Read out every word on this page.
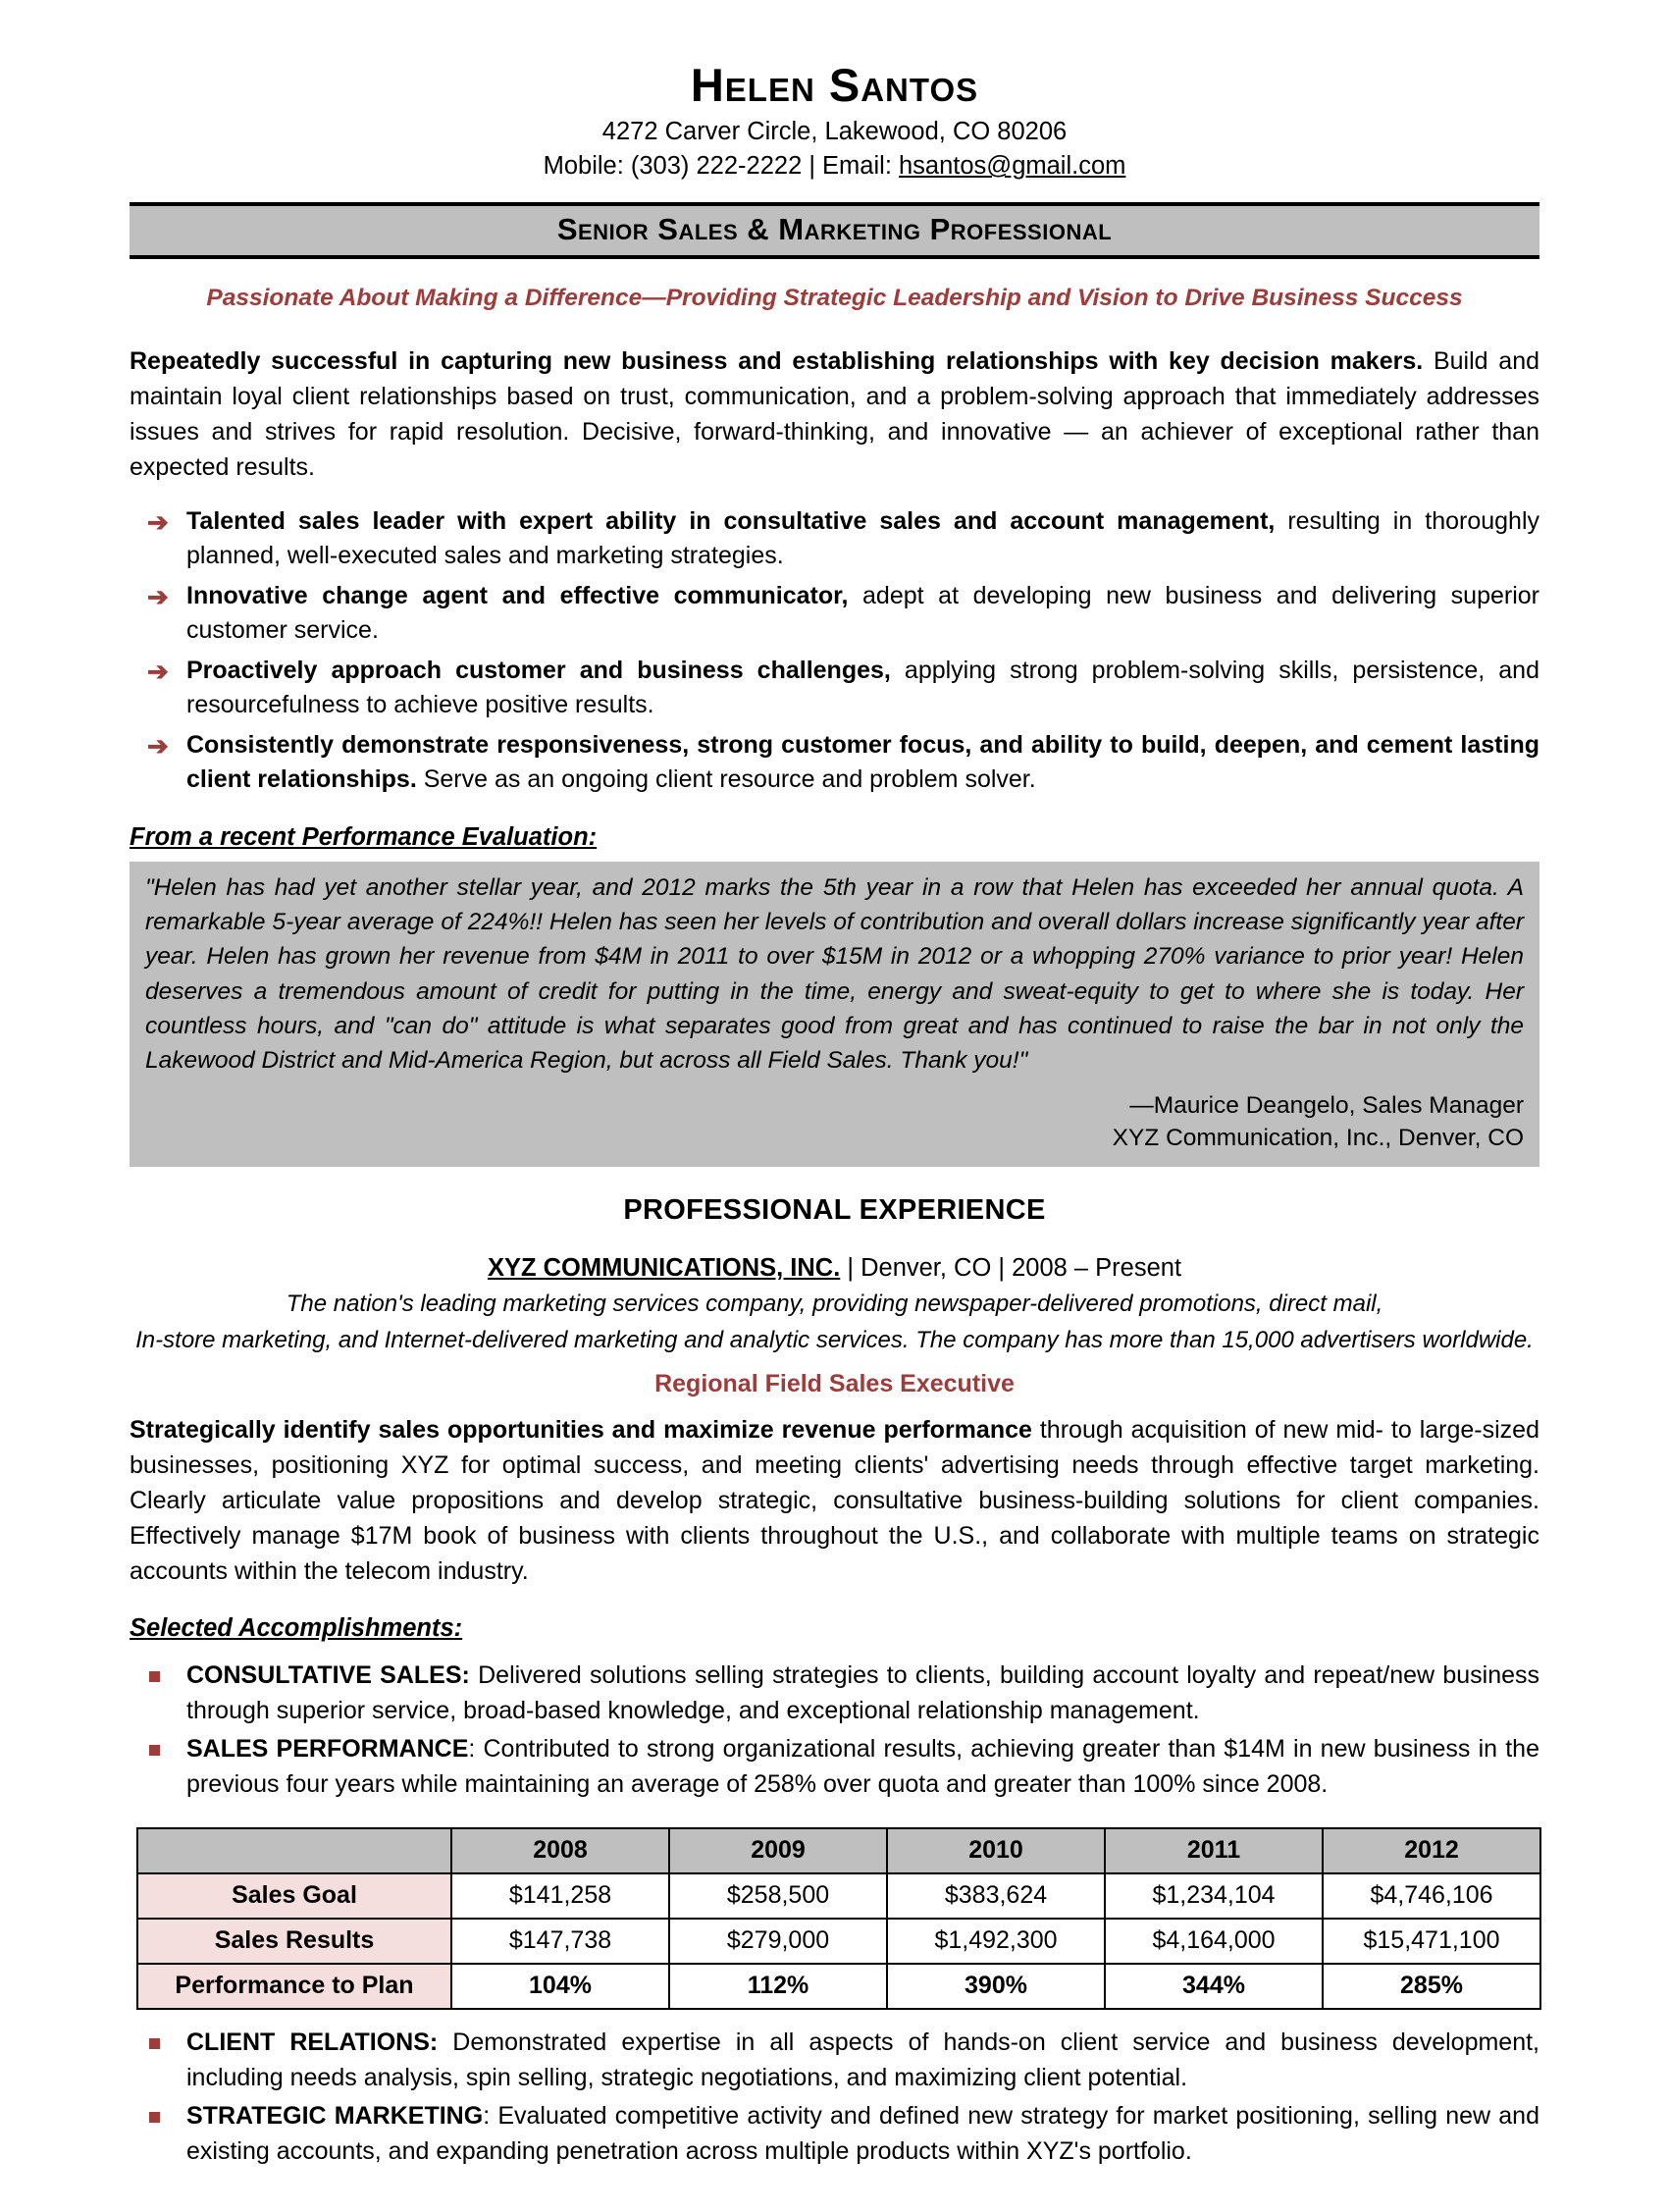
Helen Santos
4272 Carver Circle, Lakewood, CO 80206
Mobile: (303) 222-2222 | Email: hsantos@gmail.com
Senior Sales & Marketing Professional
Passionate About Making a Difference—Providing Strategic Leadership and Vision to Drive Business Success

Repeatedly successful in capturing new business and establishing relationships with key decision makers. Build and maintain loyal client relationships based on trust, communication, and a problem-solving approach that immediately addresses issues and strives for rapid resolution. Decisive, forward-thinking, and innovative — an achiever of exceptional rather than expected results.

➔ Talented sales leader with expert ability in consultative sales and account management, resulting in thoroughly planned, well-executed sales and marketing strategies.
➔ Innovative change agent and effective communicator, adept at developing new business and delivering superior customer service.
➔ Proactively approach customer and business challenges, applying strong problem-solving skills, persistence, and resourcefulness to achieve positive results.
➔ Consistently demonstrate responsiveness, strong customer focus, and ability to build, deepen, and cement lasting client relationships. Serve as an ongoing client resource and problem solver.
From a recent Performance Evaluation:

"Helen has had yet another stellar year, and 2012 marks the 5th year in a row that Helen has exceeded her annual quota. A remarkable 5-year average of 224%!! Helen has seen her levels of contribution and overall dollars increase significantly year after year. Helen has grown her revenue from $4M in 2011 to over $15M in 2012 or a whopping 270% variance to prior year! Helen deserves a tremendous amount of credit for putting in the time, energy and sweat-equity to get to where she is today. Her countless hours, and "can do" attitude is what separates good from great and has continued to raise the bar in not only the Lakewood District and Mid-America Region, but across all Field Sales. Thank you!"

—Maurice Deangelo, Sales Manager
XYZ Communication, Inc., Denver, CO
PROFESSIONAL EXPERIENCE
XYZ COMMUNICATIONS, INC. | Denver, CO | 2008 – Present
The nation's leading marketing services company, providing newspaper-delivered promotions, direct mail,
In-store marketing, and Internet-delivered marketing and analytic services. The company has more than 15,000 advertisers worldwide.
Regional Field Sales Executive

Strategically identify sales opportunities and maximize revenue performance through acquisition of new mid- to large-sized businesses, positioning XYZ for optimal success, and meeting clients' advertising needs through effective target marketing. Clearly articulate value propositions and develop strategic, consultative business-building solutions for client companies. Effectively manage $17M book of business with clients throughout the U.S., and collaborate with multiple teams on strategic accounts within the telecom industry.

Selected Accomplishments:
CONSULTATIVE SALES: Delivered solutions selling strategies to clients, building account loyalty and repeat/new business through superior service, broad-based knowledge, and exceptional relationship management.
SALES PERFORMANCE: Contributed to strong organizational results, achieving greater than $14M in new business in the previous four years while maintaining an average of 258% over quota and greater than 100% since 2008.
	2008	2009	2010	2011	2012
Sales Goal	$141,258	$258,500	$383,624	$1,234,104	$4,746,106
Sales Results	$147,738	$279,000	$1,492,300	$4,164,000	$15,471,100
Performance to Plan	104%	112%	390%	344%	285%
CLIENT RELATIONS: Demonstrated expertise in all aspects of hands-on client service and business development, including needs analysis, spin selling, strategic negotiations, and maximizing client potential.
STRATEGIC MARKETING: Evaluated competitive activity and defined new strategy for market positioning, selling new and existing accounts, and expanding penetration across multiple products within XYZ's portfolio.
